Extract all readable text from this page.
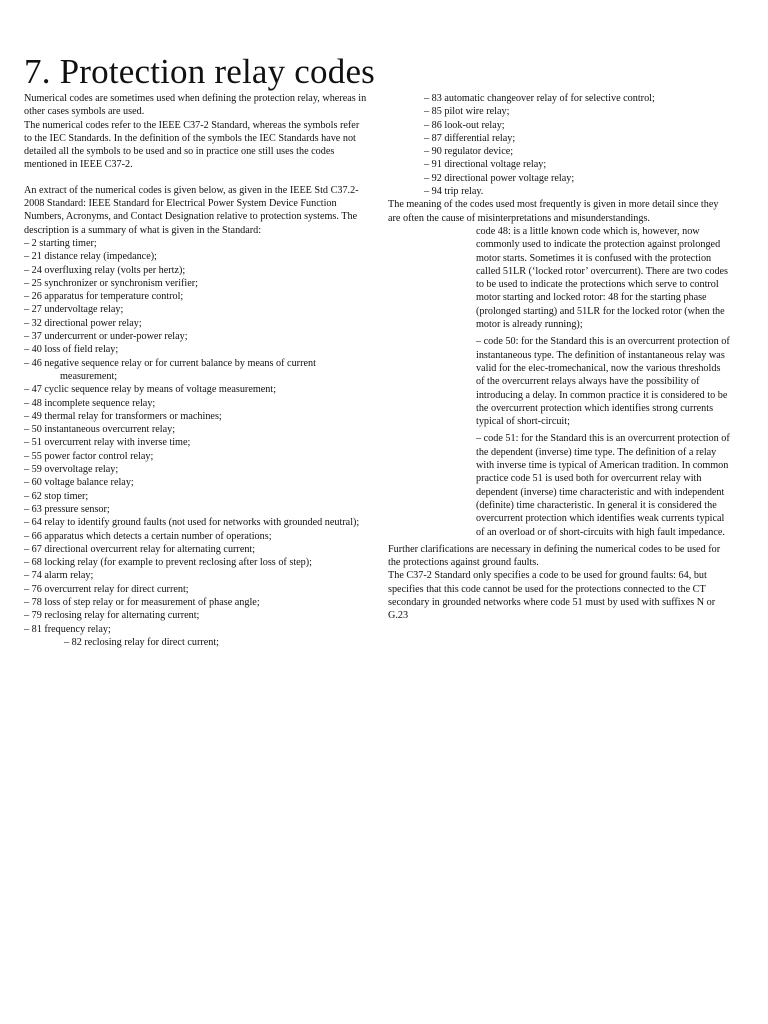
7. Protection relay codes

Numerical codes are sometimes used when defining the protection relay, whereas in other cases symbols are used.

The numerical codes refer to the IEEE C37-2 Standard, whereas the symbols refer to the IEC Standards. In the definition of the symbols the IEC Standards have not detailed all the symbols to be used and so in practice one still uses the codes mentioned in IEEE C37-2.

An extract of the numerical codes is given below, as given in the IEEE Std C37.2-2008 Standard: IEEE Standard for Electrical Power System Device Function Numbers, Acronyms, and Contact Designation relative to protection systems. The description is a summary of what is given in the Standard:

– 2 starting timer;

– 21 distance relay (impedance);

– 24 overfluxing relay (volts per hertz);

– 25 synchronizer or synchronism verifier;

– 26 apparatus for temperature control;

– 27 undervoltage relay;

– 32 directional power relay;

– 37 undercurrent or under-power relay;

– 40 loss of field relay;

– 46 negative sequence relay or for current balance by means of current measurement;

– 47 cyclic sequence relay by means of voltage measurement;

– 48 incomplete sequence relay;

– 49 thermal relay for transformers or machines;

– 50 instantaneous overcurrent relay;

– 51 overcurrent relay with inverse time;

– 55 power factor control relay;

– 59 overvoltage relay;

– 60 voltage balance relay;

– 62 stop timer;

– 63 pressure sensor;

– 64 relay to identify ground faults (not used for networks with grounded neutral);

– 66 apparatus which detects a certain number of operations;

– 67 directional overcurrent relay for alternating current;

– 68 locking relay (for example to prevent reclosing after loss of step);

– 74 alarm relay;

– 76 overcurrent relay for direct current;

– 78 loss of step relay or for measurement of phase angle;

– 79 reclosing relay for alternating current;

– 81 frequency relay;

– 82 reclosing relay for direct current;

– 83 automatic changeover relay of for selective control;

– 85 pilot wire relay;

– 86 look-out relay;

– 87 differential relay;

– 90 regulator device;

– 91 directional voltage relay;

– 92 directional power voltage relay;

– 94 trip relay.

The meaning of the codes used most frequently is given in more detail since they are often the cause of misinterpretations and misunderstandings.

code 48: is a little known code which is, however, now commonly used to indicate the protection against prolonged motor starts. Sometimes it is confused with the protection called 51LR (‘locked rotor’ overcurrent). There are two codes to be used to indicate the protections which serve to control motor starting and locked rotor: 48 for the starting phase (prolonged starting) and 51LR for the locked rotor (when the motor is already running);

– code 50: for the Standard this is an overcurrent protection of instantaneous type. The definition of instantaneous relay was valid for the elec-tromechanical, now the various thresholds of the overcurrent relays always have the possibility of introducing a delay. In common practice it is considered to be the overcurrent protection which identifies strong currents typical of short-circuit;

– code 51: for the Standard this is an overcurrent protection of the dependent (inverse) time type. The definition of a relay with inverse time is typical of American tradition. In common practice code 51 is used both for overcurrent relay with dependent (inverse) time characteristic and with independent (definite) time characteristic. In general it is considered the overcurrent protection which identifies weak currents typical of an overload or of short-circuits with high fault impedance.

Further clarifications are necessary in defining the numerical codes to be used for the protections against ground faults.

The C37-2 Standard only specifies a code to be used for ground faults: 64, but specifies that this code cannot be used for the protections connected to the CT secondary in grounded networks where code 51 must by used with suffixes N or G.23
